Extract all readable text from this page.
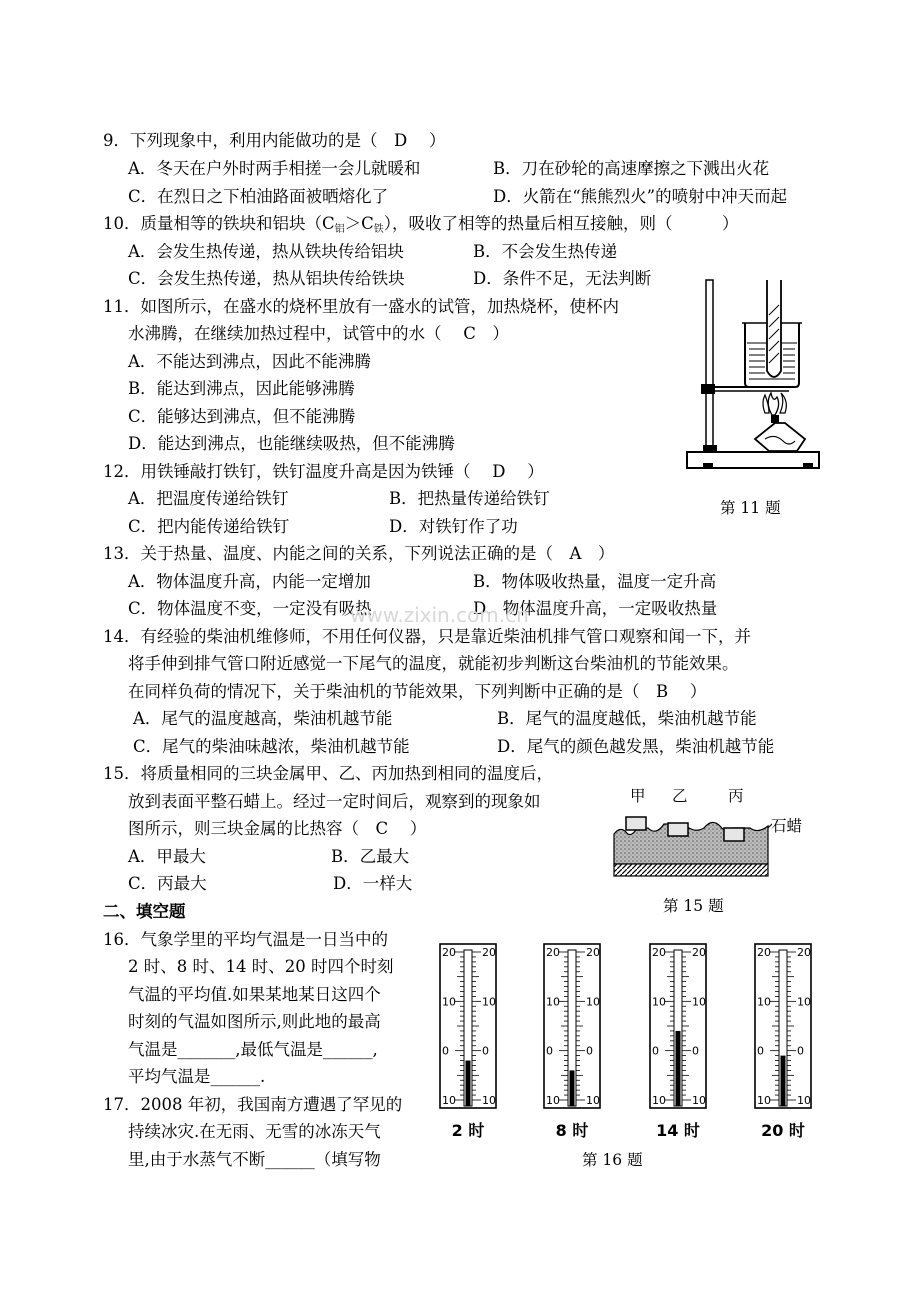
9．下列现象中，利用内能做功的是（　D　 ）
A．冬天在户外时两手相搓一会儿就暖和	B．刀在砂轮的高速摩擦之下溅出火花
C．在烈日之下柏油路面被晒熔化了	D．火箭在“熊熊烈火”的喷射中冲天而起
10．质量相等的铁块和铝块$(C_铝>C_铁)$，吸收了相等的热量后相互接触，则（　　　）
A．会发生热传递，热从铁块传给铝块	B．不会发生热传递
C．会发生热传递，热从铝块传给铁块	D．条件不足，无法判断
11．如图所示，在盛水的烧杯里放有一盛水的试管，加热烧杯，使杯内
水沸腾，在继续加热过程中，试管中的水（　 C　）
A．不能达到沸点，因此不能沸腾
B．能达到沸点，因此能够沸腾
C．能够达到沸点，但不能沸腾
D．能达到沸点，也能继续吸热，但不能沸腾
第 11 题
12．用铁锤敲打铁钉，铁钉温度升高是因为铁锤（　 D　 ）
A．把温度传递给铁钉	B．把热量传递给铁钉
C．把内能传递给铁钉	D．对铁钉作了功
13．关于热量、温度、内能之间的关系，下列说法正确的是（　A　）
A．物体温度升高，内能一定增加	B．物体吸收热量，温度一定升高
C．物体温度不变，一定没有吸热	D．物体温度升高，一定吸收热量
www.zixin.com.cn
14．有经验的柴油机维修师，不用任何仪器，只是靠近柴油机排气管口观察和闻一下，并
将手伸到排气管口附近感觉一下尾气的温度，就能初步判断这台柴油机的节能效果。
在同样负荷的情况下，关于柴油机的节能效果，下列判断中正确的是（　B　 ）
A．尾气的温度越高，柴油机越节能	B．尾气的温度越低，柴油机越节能
C．尾气的柴油味越浓，柴油机越节能	D．尾气的颜色越发黑，柴油机越节能
15．将质量相同的三块金属甲、乙、丙加热到相同的温度后，
放到表面平整石蜡上。经过一定时间后，观察到的现象如
图所示，则三块金属的比热容（　C　 ）
A．甲最大	B．乙最大
C．丙最大	D．一样大
甲 乙	丙
石蜡
第 15 题
二、填空题
16．气象学里的平均气温是一日当中的
2 时、8 时、14 时、20 时四个时刻
气温的平均值.如果某地某日这四个
时刻的气温如图所示,则此地的最高
气温是_______,最低气温是______,
平均气温是______.
17．2008 年初，我国南方遭遇了罕见的
持续冰灾.在无雨、无雪的冰冻天气
里,由于水蒸气不断______（填写物
20 20
10 10
0	0
10 10
2 时
20 20
10 10
0	0
10 10
8 时
20 20
10 10
0	0
10 10
14 时
20 20
10 10
0	0
10 10
20 时
第 16 题
